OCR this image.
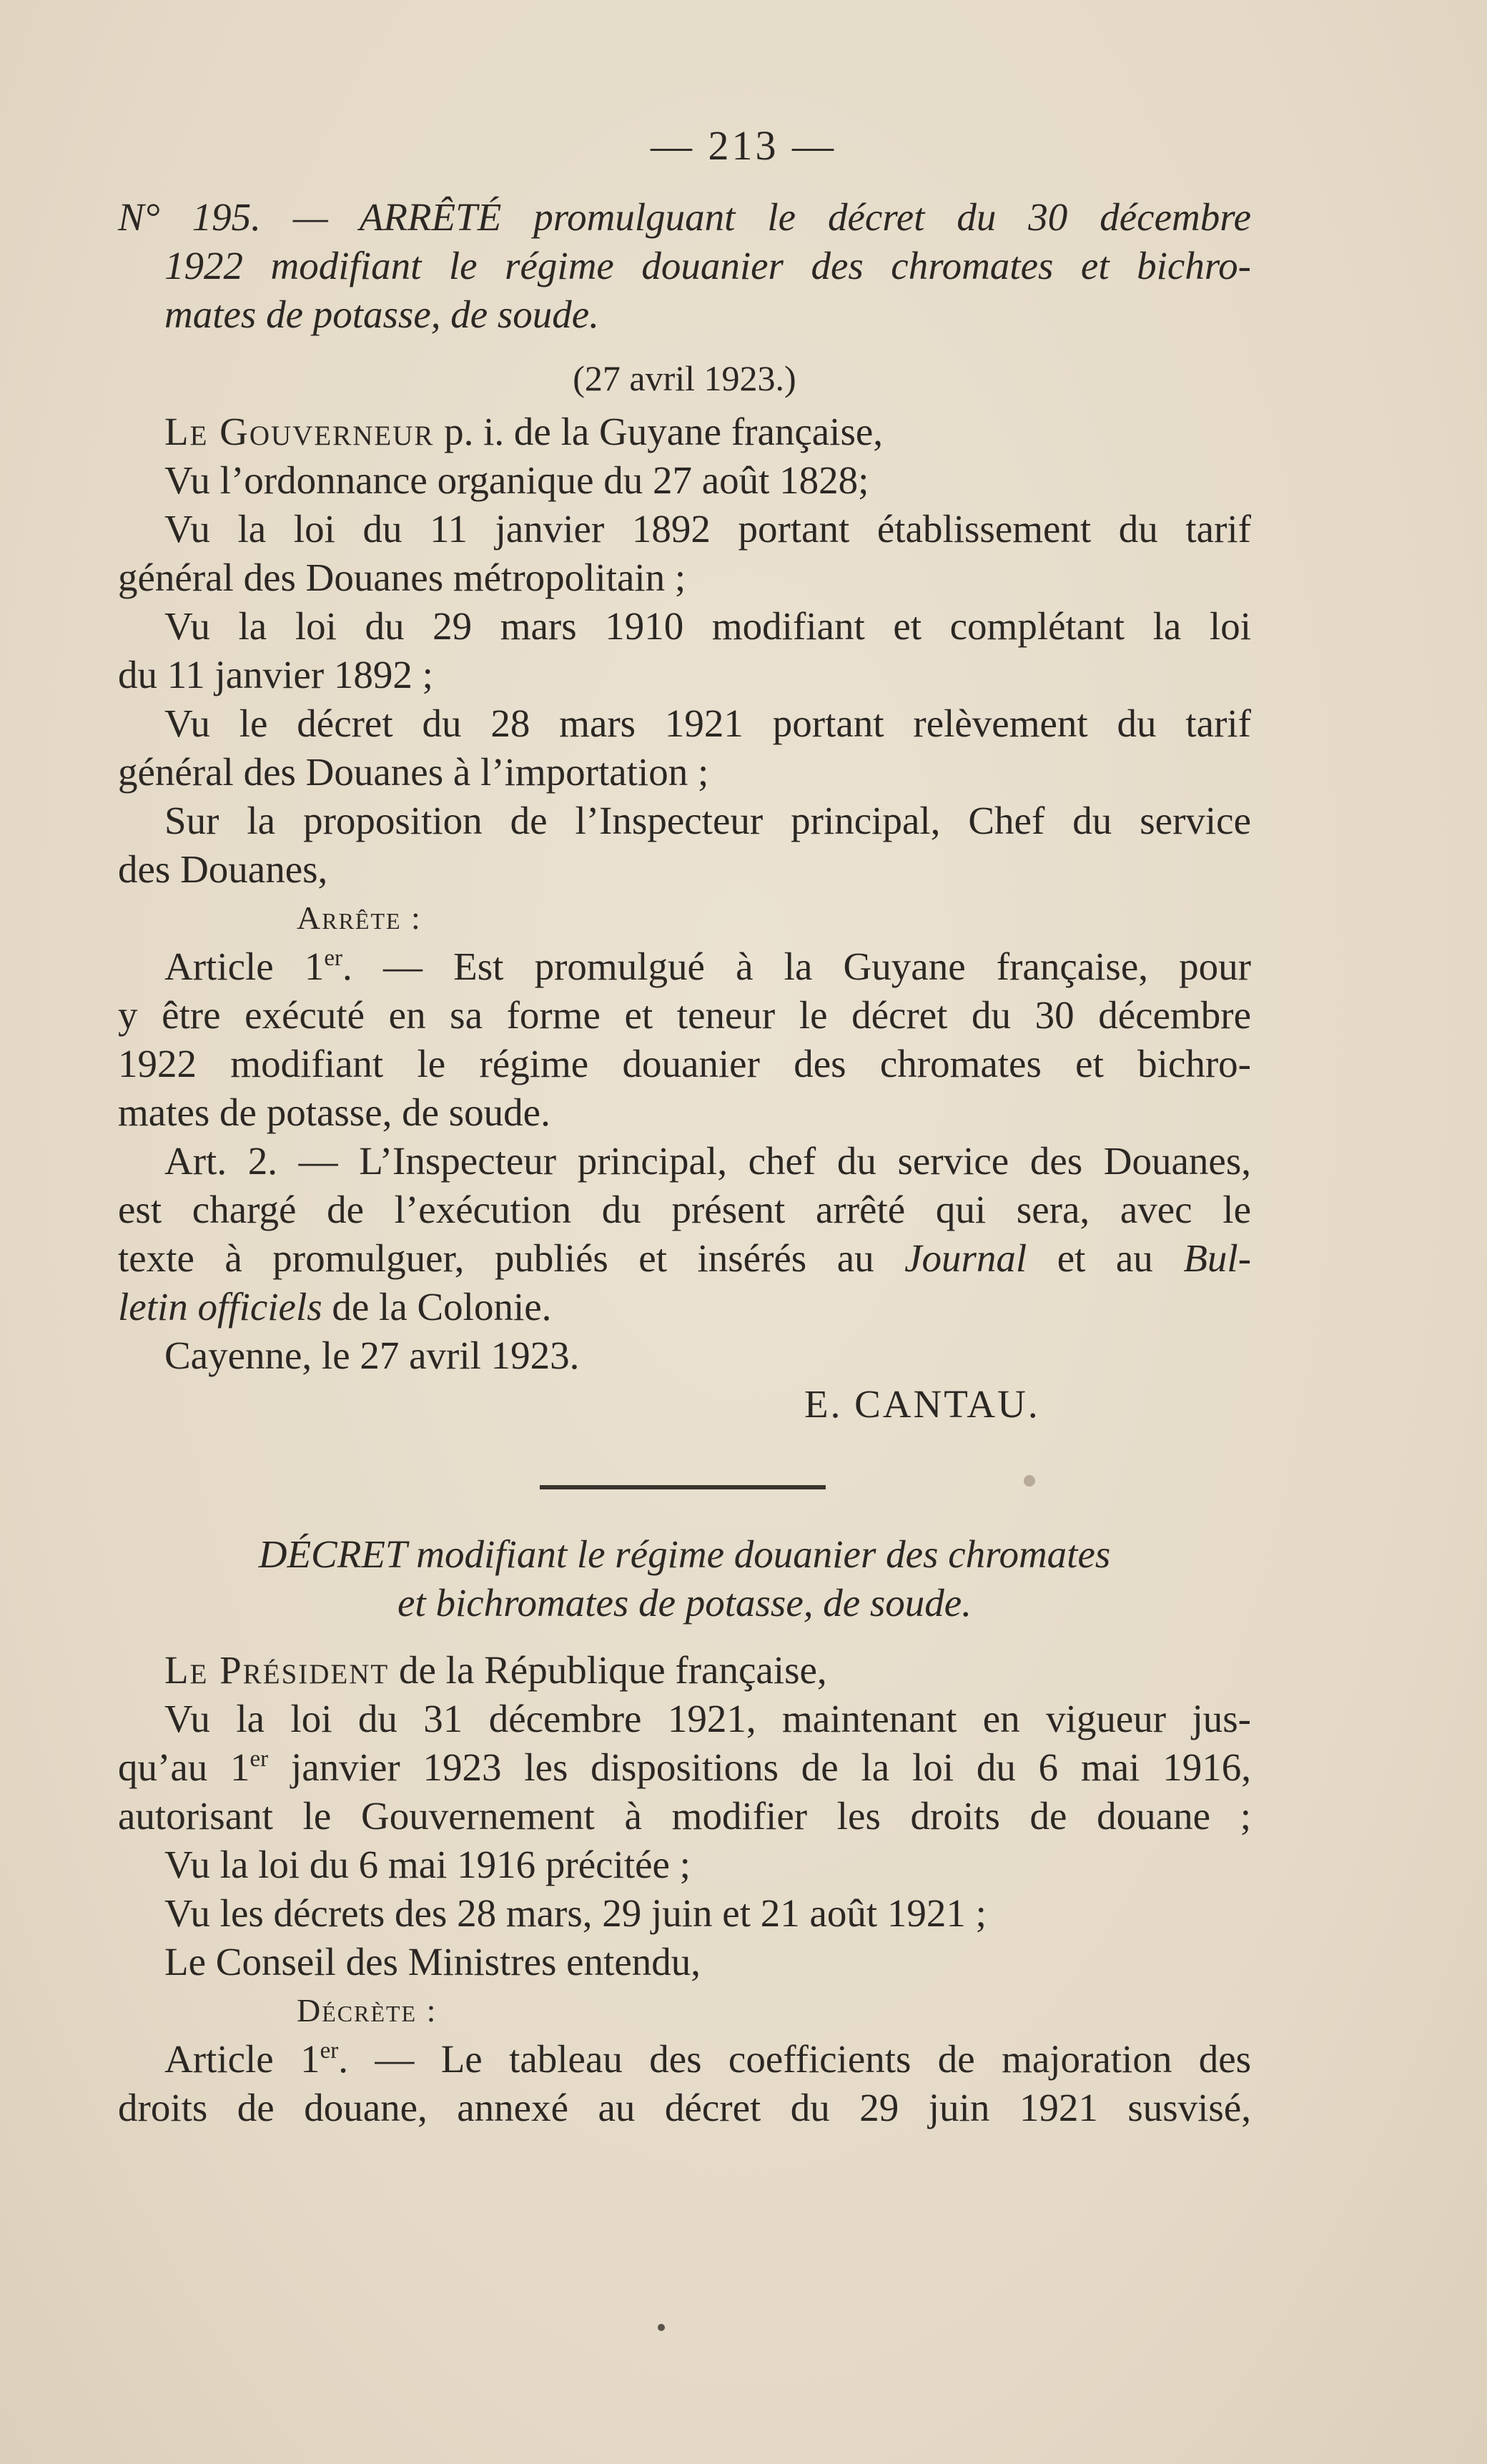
— 213 —
N° 195. — ARRÊTÉ promulguant le décret du 30 décembre
1922 modifiant le régime douanier des chromates et bichro-
mates de potasse, de soude.
(27 avril 1923.)
Le Gouverneur p. i. de la Guyane française,
Vu l’ordonnance organique du 27 août 1828;
Vu la loi du 11 janvier 1892 portant établissement du tarif
général des Douanes métropolitain ;
Vu la loi du 29 mars 1910 modifiant et complétant la loi
du 11 janvier 1892 ;
Vu le décret du 28 mars 1921 portant relèvement du tarif
général des Douanes à l’importation ;
Sur la proposition de l’Inspecteur principal, Chef du service
des Douanes,
Arrête :
Article 1er. — Est promulgué à la Guyane française, pour
y être exécuté en sa forme et teneur le décret du 30 décembre
1922 modifiant le régime douanier des chromates et bichro-
mates de potasse, de soude.
Art. 2. — L’Inspecteur principal, chef du service des Douanes,
est chargé de l’exécution du présent arrêté qui sera, avec le
texte à promulguer, publiés et insérés au Journal et au Bul-
letin officiels de la Colonie.
Cayenne, le 27 avril 1923.
E. CANTAU.
DÉCRET modifiant le régime douanier des chromates
et bichromates de potasse, de soude.
Le Président de la République française,
Vu la loi du 31 décembre 1921, maintenant en vigueur jus-
qu’au 1er janvier 1923 les dispositions de la loi du 6 mai 1916,
autorisant le Gouvernement à modifier les droits de douane ;
Vu la loi du 6 mai 1916 précitée ;
Vu les décrets des 28 mars, 29 juin et 21 août 1921 ;
Le Conseil des Ministres entendu,
Décrète :
Article 1er. — Le tableau des coefficients de majoration des
droits de douane, annexé au décret du 29 juin 1921 susvisé,
